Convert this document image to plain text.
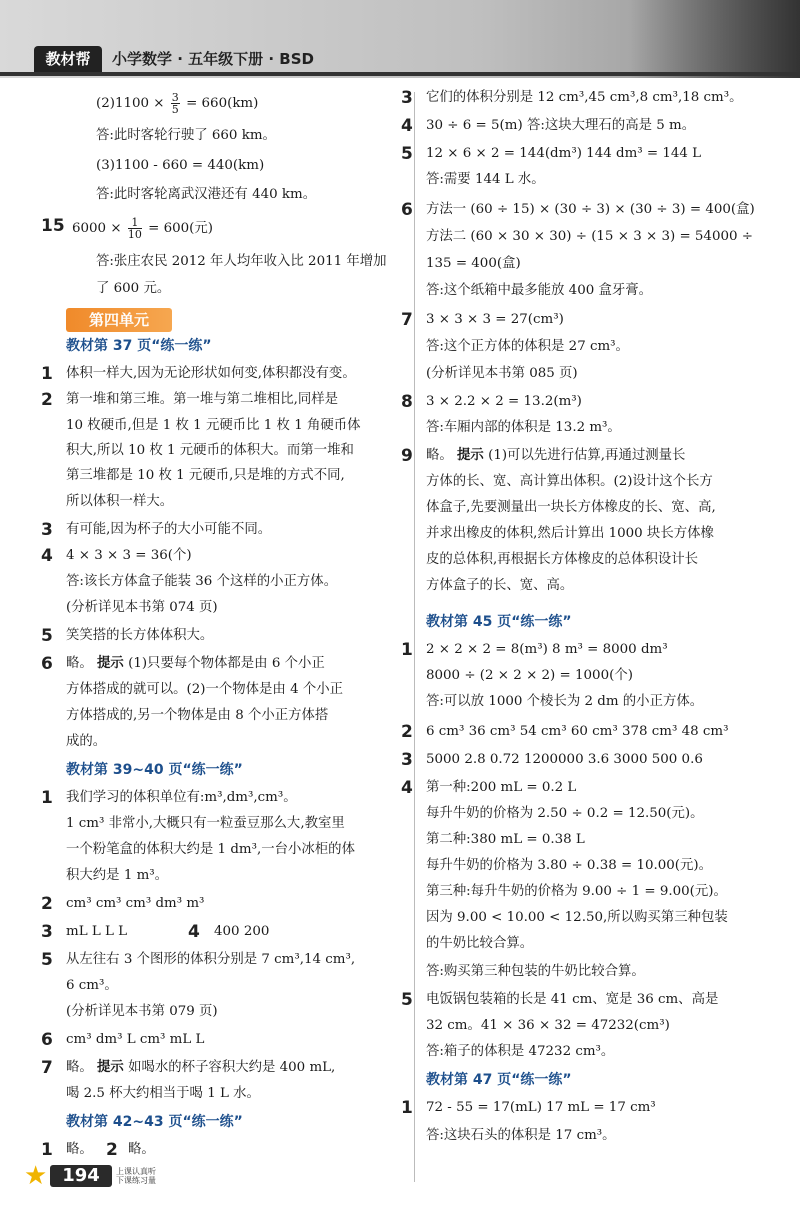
教材帮	小学数学 · 五年级下册 · BSD
$(2)1100 \times \frac{3}{5} = 660(km)$
答:此时客轮行驶了 660 km。
(3)1100 - 660 = 440(km)
答:此时客轮离武汉港还有 440 km。
15 $6000 \times \frac{1}{10} = 600$(元)
答:张庄农民 2012 年人均年收入比 2011 年增加
了 600 元。
第四单元
教材第 37 页“练一练”
1 体积一样大,因为无论形状如何变,体积都没有变。
2 第一堆和第三堆。第一堆与第二堆相比,同样是
10 枚硬币,但是 1 枚 1 元硬币比 1 枚 1 角硬币体
积大,所以 10 枚 1 元硬币的体积大。而第一堆和
第三堆都是 10 枚 1 元硬币,只是堆的方式不同,
所以体积一样大。
3 有可能,因为杯子的大小可能不同。
4 4 × 3 × 3 = 36(个)
答:该长方体盒子能装 36 个这样的小正方体。
(分析详见本书第 074 页)
5 笑笑搭的长方体体积大。
6 略。 提示 (1)只要每个物体都是由 6 个小正
方体搭成的就可以。(2)一个物体是由 4 个小正
方体搭成的,另一个物体是由 8 个小正方体搭
成的。
教材第 39~40 页“练一练”
1 我们学习的体积单位有:m³,dm³,cm³。
1 cm³ 非常小,大概只有一粒蚕豆那么大,教室里
一个粉笔盒的体积大约是 1 dm³,一台小冰柜的体
积大约是 1 m³。
2 cm³ cm³ cm³ dm³ m³
3 mL L L L	4 400 200
5 从左往右 3 个图形的体积分别是 7 cm³,14 cm³,
6 cm³。
(分析详见本书第 079 页)
6 cm³ dm³ L cm³ mL L
7 略。 提示 如喝水的杯子容积大约是 400 mL,
喝 2.5 杯大约相当于喝 1 L 水。
教材第 42~43 页“练一练”
1 略。 2 略。
3 它们的体积分别是 12 cm³,45 cm³,8 cm³,18 cm³。
4 30 ÷ 6 = 5(m) 答:这块大理石的高是 5 m。
5 12 × 6 × 2 = 144(dm³) 144 dm³ = 144 L
答:需要 144 L 水。
6 方法一 (60 ÷ 15) × (30 ÷ 3) × (30 ÷ 3) = 400(盒)
方法二 (60 × 30 × 30) ÷ (15 × 3 × 3) = 54000 ÷
135 = 400(盒)
答:这个纸箱中最多能放 400 盒牙膏。
7 3 × 3 × 3 = 27(cm³)
答:这个正方体的体积是 27 cm³。
(分析详见本书第 085 页)
8 3 × 2.2 × 2 = 13.2(m³)
答:车厢内部的体积是 13.2 m³。
9 略。 提示 (1)可以先进行估算,再通过测量长
方体的长、宽、高计算出体积。(2)设计这个长方
体盒子,先要测量出一块长方体橡皮的长、宽、高,
并求出橡皮的体积,然后计算出 1000 块长方体橡
皮的总体积,再根据长方体橡皮的总体积设计长
方体盒子的长、宽、高。
教材第 45 页“练一练”
1 2 × 2 × 2 = 8(m³) 8 m³ = 8000 dm³
8000 ÷ (2 × 2 × 2) = 1000(个)
答:可以放 1000 个棱长为 2 dm 的小正方体。
2 6 cm³ 36 cm³ 54 cm³ 60 cm³ 378 cm³ 48 cm³
3 5000 2.8 0.72 1200000 3.6 3000 500 0.6
4 第一种:200 mL = 0.2 L
每升牛奶的价格为 2.50 ÷ 0.2 = 12.50(元)。
第二种:380 mL = 0.38 L
每升牛奶的价格为 3.80 ÷ 0.38 = 10.00(元)。
第三种:每升牛奶的价格为 9.00 ÷ 1 = 9.00(元)。
因为 9.00 < 10.00 < 12.50,所以购买第三种包装
的牛奶比较合算。
答:购买第三种包装的牛奶比较合算。
5 电饭锅包装箱的长是 41 cm、宽是 36 cm、高是
32 cm。41 × 36 × 32 = 47232(cm³)
答:箱子的体积是 47232 cm³。
教材第 47 页“练一练”
1 72 - 55 = 17(mL) 17 mL = 17 cm³
答:这块石头的体积是 17 cm³。
★ 194	上课认真听
下课练习量
